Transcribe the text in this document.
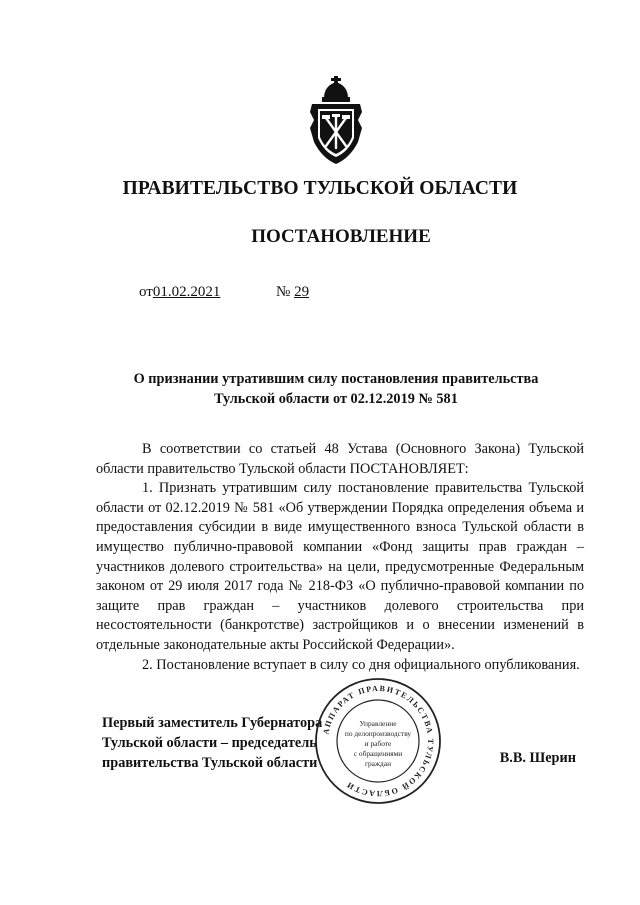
ПРАВИТЕЛЬСТВО ТУЛЬСКОЙ ОБЛАСТИ
ПОСТАНОВЛЕНИЕ
от01.02.2021	№ 29
О признании утратившим силу постановления правительства
Тульской области от 02.12.2019 № 581

В соответствии со статьей 48 Устава (Основного Закона) Тульской области правительство Тульской области ПОСТАНОВЛЯЕТ:

1. Признать утратившим силу постановление правительства Тульской области от 02.12.2019 № 581 «Об утверждении Порядка определения объема и предоставления субсидии в виде имущественного взноса Тульской области в имущество публично-правовой компании «Фонд защиты прав граждан – участников долевого строительства» на цели, предусмотренные Федеральным законом от 29 июля 2017 года № 218-ФЗ «О публично-правовой компании по защите прав граждан – участников долевого строительства при несостоятельности (банкротстве) застройщиков и о внесении изменений в отдельные законодательные акты Российской Федерации».

2. Постановление вступает в силу со дня официального опубликования.

Первый заместитель Губернатора
Тульской области – председатель
правительства Тульской области	В.В. Шерин
АППАРАТ ПРАВИТЕЛЬСТВА ТУЛЬСКОЙ ОБЛАСТИ
Управление
по делопроизводству
и работе
с обращениями
граждан
